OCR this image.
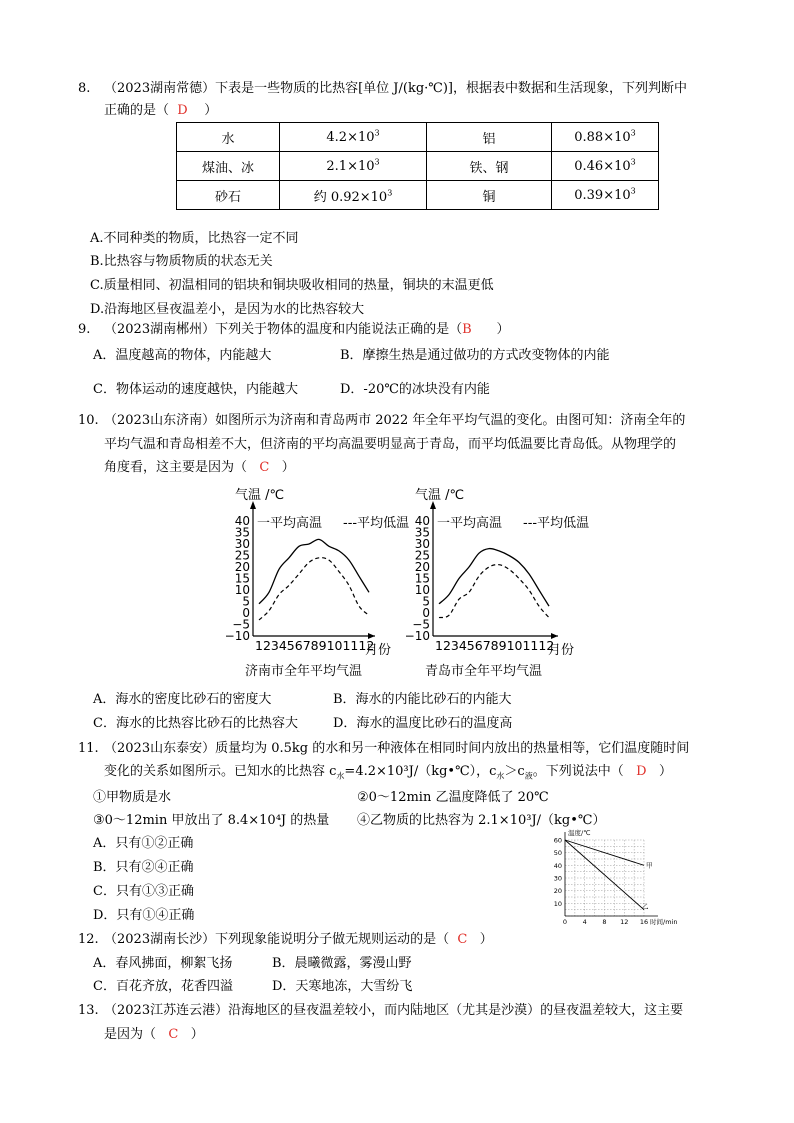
8. （2023湖南常德）下表是一些物质的比热容[单位 J/(kg·℃)]，根据表中数据和生活现象，下列判断中
正确的是（ D ）
水	$4.2\times 10^3$	铝	$0.88\times 10^3$
煤油、冰	$2.1\times 10^3$	铁、钢	$0.46\times 10^3$
砂石	约 $0.92\times 10^3$	铜	$0.39\times 10^3$
A.不同种类的物质，比热容一定不同
B.比热容与物质物质的状态无关
C.质量相同、初温相同的铝块和铜块吸收相同的热量，铜块的末温更低
D.沿海地区昼夜温差小，是因为水的比热容较大
9. （2023湖南郴州）下列关于物体的温度和内能说法正确的是（B ）
A．温度越高的物体，内能越大	B．摩擦生热是通过做功的方式改变物体的内能
C．物体运动的速度越快，内能越大	D．-20℃的冰块没有内能
10. （2023山东济南）如图所示为济南和青岛两市 2022 年全年平均气温的变化。由图可知：济南全年的
平均气温和青岛相差不大，但济南的平均高温要明显高于青岛，而平均低温要比青岛低。从物理学的
角度看，这主要是因为（ C ）
气温 /℃
40
35
30
25
20
15
10
5
0
−5
−10
一平均高温 ---平均低温
123456789101112
月份
济南市全年平均气温
气温 /℃
40
35
30
25
20
15
10
5
0
−5
−10
一平均高温 ---平均低温
123456789101112
月份
青岛市全年平均气温
A．海水的密度比砂石的密度大	B．海水的内能比砂石的内能大
C．海水的比热容比砂石的比热容大	D．海水的温度比砂石的温度高
11. （2023山东泰安）质量均为 0.5kg 的水和另一种液体在相同时间内放出的热量相等，它们温度随时间
变化的关系如图所示。已知水的比热容 $c_水=4.2\times 10^3J/(kg•℃)$，$c_水>c_液$。下列说法中（ D ）
①甲物质是水	②0～12min 乙温度降低了 20℃
③0～12min 甲放出了 8.4×10⁴J 的热量 ④乙物质的比热容为 2.1×10³J/（kg•℃）
A．只有①②正确
B．只有②④正确
C．只有①③正确
D．只有①④正确
温度/℃
时间/min
60
50
40
30
20
10
0 4 8 12 16
甲
乙
12. （2023湖南长沙）下列现象能说明分子做无规则运动的是（ C ）
A．春风拂面，柳絮飞扬	B．晨曦微露，雾漫山野
C．百花齐放，花香四溢	D．天寒地冻，大雪纷飞
13. （2023江苏连云港）沿海地区的昼夜温差较小，而内陆地区（尤其是沙漠）的昼夜温差较大，这主要
是因为（ C ）
